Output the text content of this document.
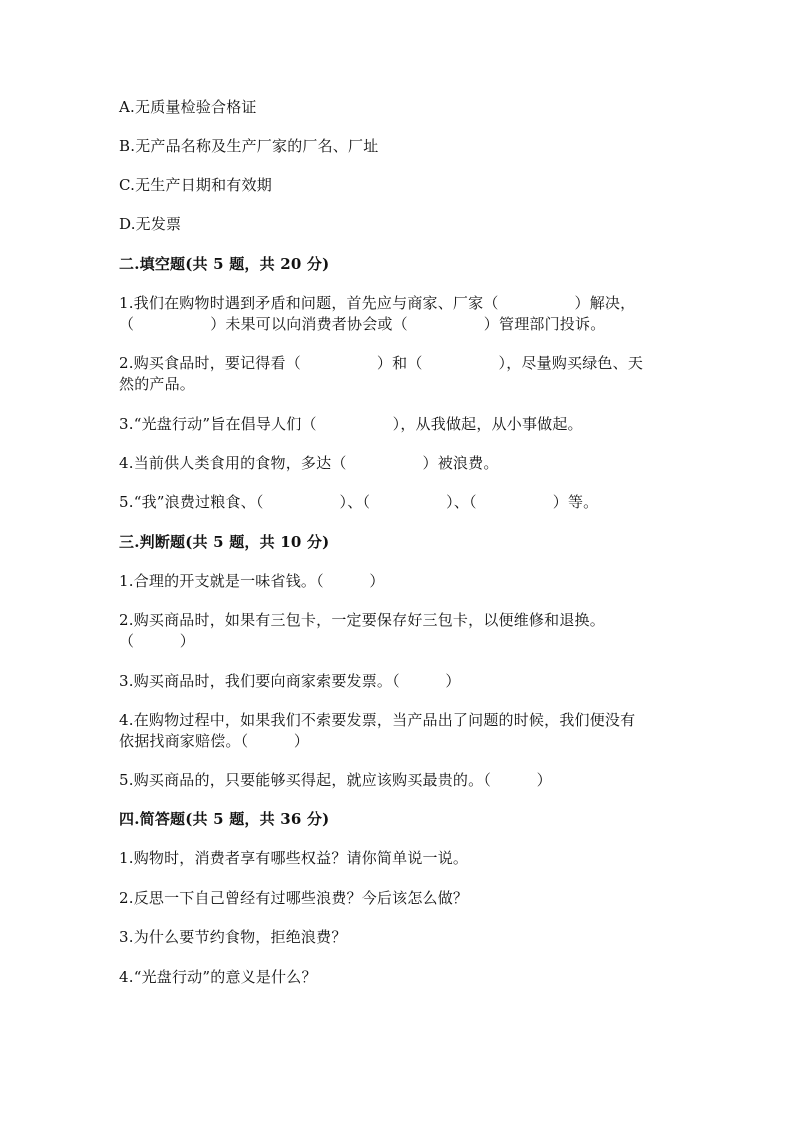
A.无质量检验合格证
B.无产品名称及生产厂家的厂名、厂址
C.无生产日期和有效期
D.无发票
二.填空题(共 5 题，共 20 分)
1.我们在购物时遇到矛盾和问题，首先应与商家、厂家（　　　　　）解决，
（　　　　　）未果可以向消费者协会或（　　　　　）管理部门投诉。
2.购买食品时，要记得看（　　　　　）和（　　　　　），尽量购买绿色、天
然的产品。
3.“光盘行动”旨在倡导人们（　　　　　），从我做起，从小事做起。
4.当前供人类食用的食物，多达（　　　　　）被浪费。
5.“我”浪费过粮食、（　　　　　）、（　　　　　）、（　　　　　）等。
三.判断题(共 5 题，共 10 分)
1.合理的开支就是一味省钱。（　　　）
2.购买商品时，如果有三包卡，一定要保存好三包卡，以便维修和退换。
（　　　）
3.购买商品时，我们要向商家索要发票。（　　　）
4.在购物过程中，如果我们不索要发票，当产品出了问题的时候，我们便没有
依据找商家赔偿。（　　　）
5.购买商品的，只要能够买得起，就应该购买最贵的。（　　　）
四.简答题(共 5 题，共 36 分)
1.购物时，消费者享有哪些权益？请你简单说一说。
2.反思一下自己曾经有过哪些浪费？今后该怎么做？
3.为什么要节约食物，拒绝浪费？
4.“光盘行动”的意义是什么？
